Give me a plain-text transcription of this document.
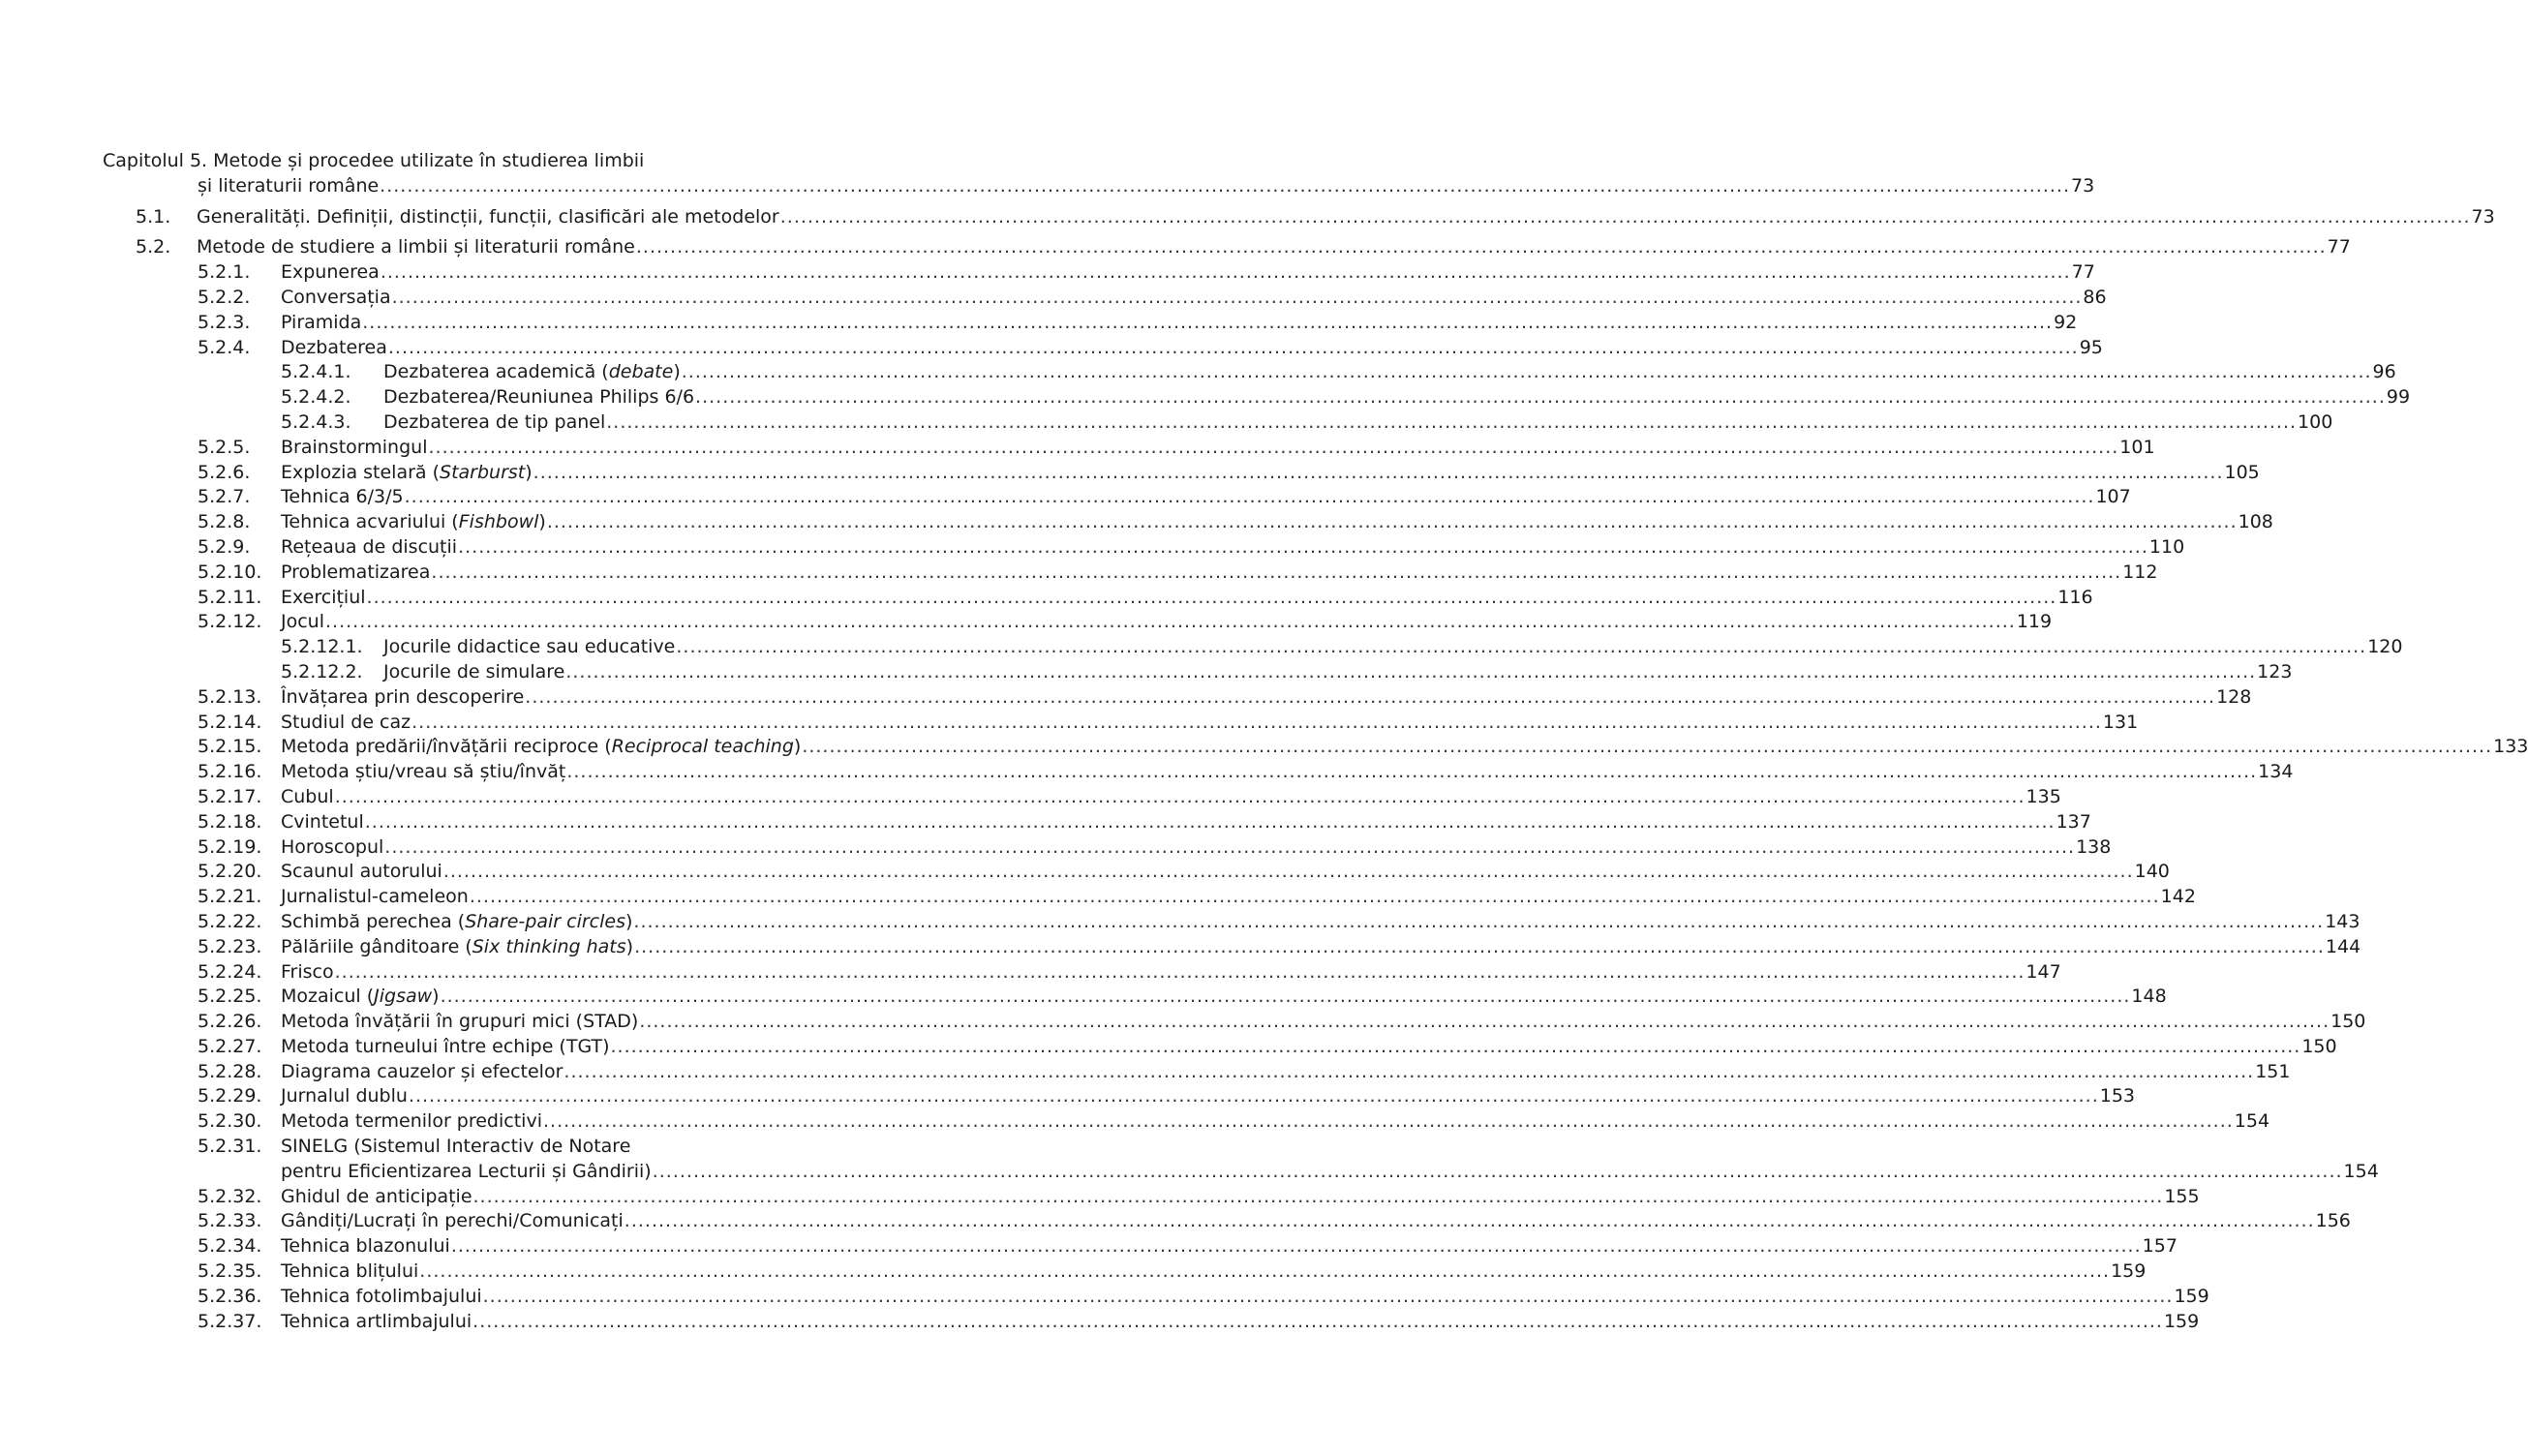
Capitolul 5. Metode și procedee utilizate în studierea limbii
și literaturii române .....	73
5.1.	Generalități. Definiții, distincții, funcții, clasificări ale metodelor .....	73
5.2.	Metode de studiere a limbii și literaturii române .....	77
5.2.1.	Expunerea .....	77
5.2.2.	Conversația .....	86
5.2.3.	Piramida .....	92
5.2.4.	Dezbaterea .....	95
5.2.4.1.	Dezbaterea academică (debate) .....	96
5.2.4.2.	Dezbaterea/Reuniunea Philips 6/6 .....	99
5.2.4.3.	Dezbaterea de tip panel .....	100
5.2.5.	Brainstormingul .....	101
5.2.6.	Explozia stelară (Starburst) .....	105
5.2.7.	Tehnica 6/3/5 .....	107
5.2.8.	Tehnica acvariului (Fishbowl) .....	108
5.2.9.	Rețeaua de discuții .....	110
5.2.10.	Problematizarea .....	112
5.2.11.	Exercițiul .....	116
5.2.12.	Jocul .....	119
5.2.12.1.	Jocurile didactice sau educative .....	120
5.2.12.2.	Jocurile de simulare .....	123
5.2.13.	Învățarea prin descoperire .....	128
5.2.14.	Studiul de caz .....	131
5.2.15.	Metoda predării/învățării reciproce (Reciprocal teaching) .....	133
5.2.16.	Metoda știu/vreau să știu/învăț .....	134
5.2.17.	Cubul .....	135
5.2.18.	Cvintetul .....	137
5.2.19.	Horoscopul .....	138
5.2.20.	Scaunul autorului .....	140
5.2.21.	Jurnalistul-cameleon .....	142
5.2.22.	Schimbă perechea (Share-pair circles) .....	143
5.2.23.	Pălăriile gânditoare (Six thinking hats) .....	144
5.2.24.	Frisco .....	147
5.2.25.	Mozaicul (Jigsaw) .....	148
5.2.26.	Metoda învățării în grupuri mici (STAD) .....	150
5.2.27.	Metoda turneului între echipe (TGT) .....	150
5.2.28.	Diagrama cauzelor și efectelor .....	151
5.2.29.	Jurnalul dublu .....	153
5.2.30.	Metoda termenilor predictivi .....	154
5.2.31.	SINELG (Sistemul Interactiv de Notare
pentru Eficientizarea Lecturii și Gândirii) .....	154
5.2.32.	Ghidul de anticipație .....	155
5.2.33.	Gândiți/Lucrați în perechi/Comunicați .....	156
5.2.34.	Tehnica blazonului .....	157
5.2.35.	Tehnica blițului .....	159
5.2.36.	Tehnica fotolimbajului .....	159
5.2.37.	Tehnica artlimbajului .....	159
